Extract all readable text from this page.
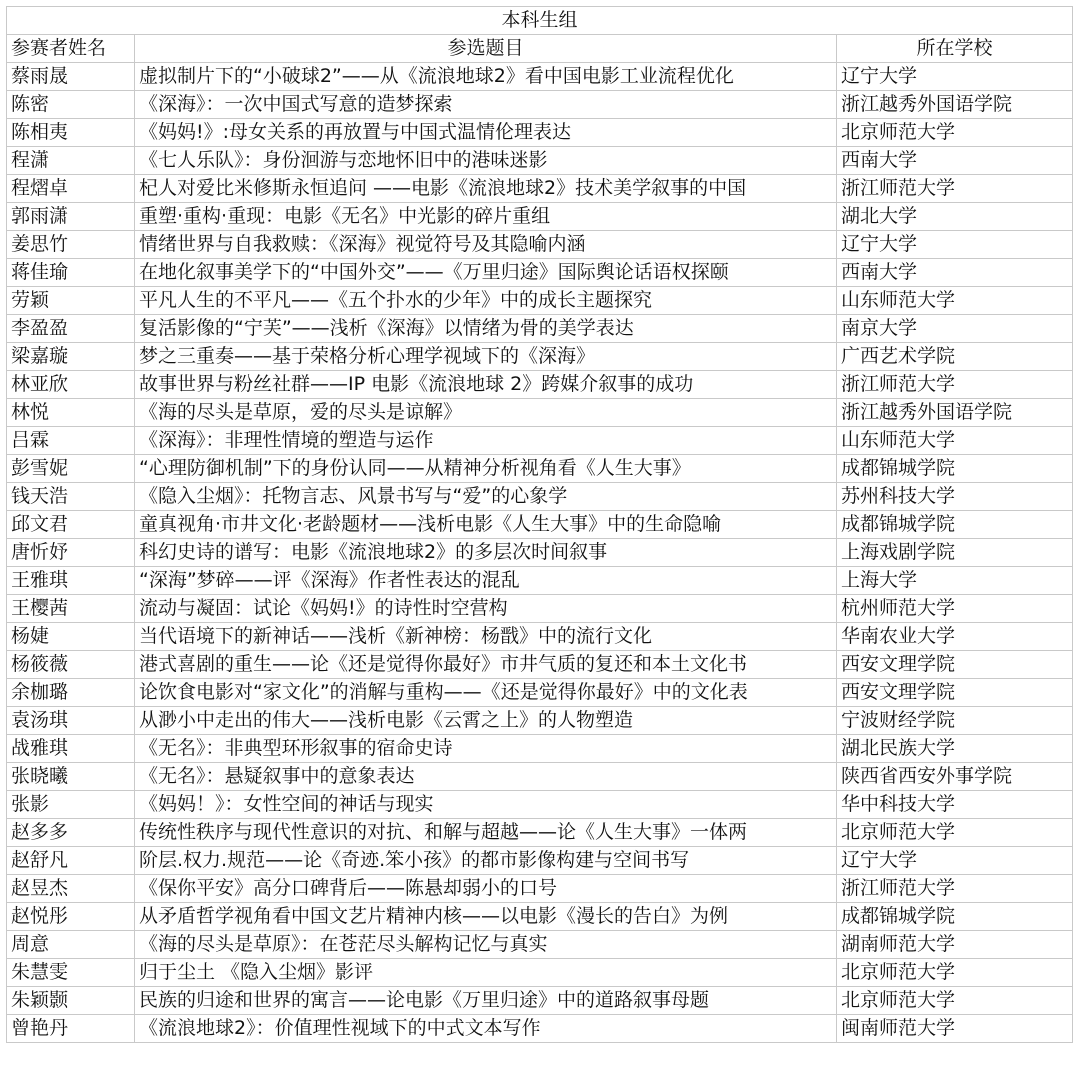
本科生组		
参赛者姓名	参选题目	所在学校
蔡雨晟	虚拟制片下的“小破球2”——从《流浪地球2》看中国电影工业流程优化	辽宁大学
陈密	《深海》：一次中国式写意的造梦探索	浙江越秀外国语学院
陈相夷	《妈妈!》:母女关系的再放置与中国式温情伦理表达	北京师范大学
程潇	《七人乐队》：身份洄游与恋地怀旧中的港味迷影	西南大学
程熠卓	杞人对爱比米修斯永恒追问 ——电影《流浪地球2》技术美学叙事的中国	浙江师范大学
郭雨潇	重塑·重构·重现：电影《无名》中光影的碎片重组	湖北大学
姜思竹	情绪世界与自我救赎：《深海》视觉符号及其隐喻内涵	辽宁大学
蒋佳瑜	在地化叙事美学下的“中国外交”——《万里归途》国际舆论话语权探颐	西南大学
劳颖	平凡人生的不平凡——《五个扑水的少年》中的成长主题探究	山东师范大学
李盈盈	复活影像的“宁芙”——浅析《深海》以情绪为骨的美学表达	南京大学
梁嘉璇	梦之三重奏——基于荣格分析心理学视域下的《深海》	广西艺术学院
林亚欣	故事世界与粉丝社群——IP 电影《流浪地球 2》跨媒介叙事的成功	浙江师范大学
林悦	《海的尽头是草原，爱的尽头是谅解》	浙江越秀外国语学院
吕霖	《深海》：非理性情境的塑造与运作	山东师范大学
彭雪妮	“心理防御机制”下的身份认同——从精神分析视角看《人生大事》	成都锦城学院
钱天浩	《隐入尘烟》：托物言志、风景书写与“爱”的心象学	苏州科技大学
邱文君	童真视角·市井文化·老龄题材——浅析电影《人生大事》中的生命隐喻	成都锦城学院
唐忻妤	科幻史诗的谱写：电影《流浪地球2》的多层次时间叙事	上海戏剧学院
王雅琪	“深海”梦碎——评《深海》作者性表达的混乱	上海大学
王樱茜	流动与凝固：试论《妈妈!》的诗性时空营构	杭州师范大学
杨婕	当代语境下的新神话——浅析《新神榜：杨戬》中的流行文化	华南农业大学
杨筱薇	港式喜剧的重生——论《还是觉得你最好》市井气质的复还和本土文化书	西安文理学院
余枷璐	论饮食电影对“家文化”的消解与重构——《还是觉得你最好》中的文化表	西安文理学院
袁汤琪	从渺小中走出的伟大——浅析电影《云霄之上》的人物塑造	宁波财经学院
战雅琪	《无名》：非典型环形叙事的宿命史诗	湖北民族大学
张晓曦	《无名》：悬疑叙事中的意象表达	陕西省西安外事学院
张影	《妈妈！》：女性空间的神话与现实	华中科技大学
赵多多	传统性秩序与现代性意识的对抗、和解与超越——论《人生大事》一体两	北京师范大学
赵舒凡	阶层.权力.规范——论《奇迹.笨小孩》的都市影像构建与空间书写	辽宁大学
赵昱杰	《保你平安》高分口碑背后——陈悬却弱小的口号	浙江师范大学
赵悦彤	从矛盾哲学视角看中国文艺片精神内核——以电影《漫长的告白》为例	成都锦城学院
周意	《海的尽头是草原》：在苍茫尽头解构记忆与真实	湖南师范大学
朱慧雯	归于尘土 《隐入尘烟》影评	北京师范大学
朱颖颢	民族的归途和世界的寓言——论电影《万里归途》中的道路叙事母题	北京师范大学
曾艳丹	《流浪地球2》：价值理性视域下的中式文本写作	闽南师范大学
